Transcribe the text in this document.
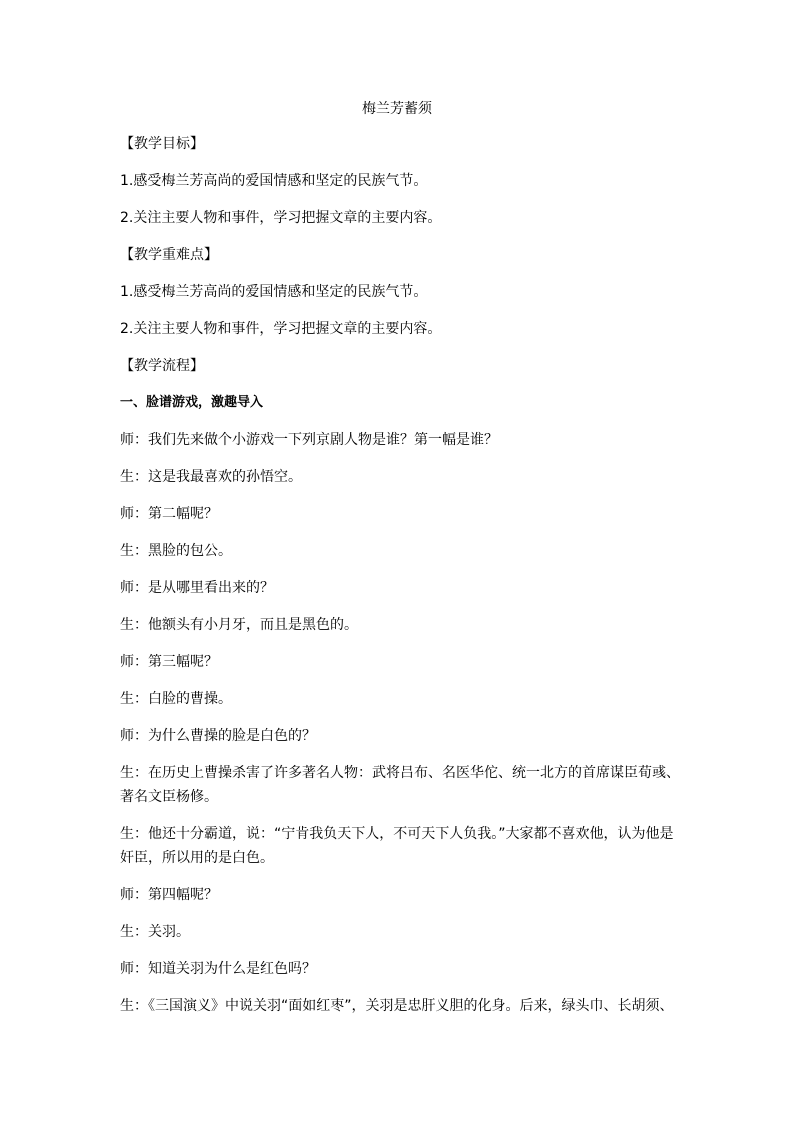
梅兰芳蓄须

【教学目标】

1.感受梅兰芳高尚的爱国情感和坚定的民族气节。

2.关注主要人物和事件，学习把握文章的主要内容。

【教学重难点】

1.感受梅兰芳高尚的爱国情感和坚定的民族气节。

2.关注主要人物和事件，学习把握文章的主要内容。

【教学流程】

一、脸谱游戏，激趣导入

师：我们先来做个小游戏一下列京剧人物是谁？第一幅是谁？

生：这是我最喜欢的孙悟空。

师：第二幅呢？

生：黑脸的包公。

师：是从哪里看出来的？

生：他额头有小月牙，而且是黑色的。

师：第三幅呢？

生：白脸的曹操。

师：为什么曹操的脸是白色的？

生：在历史上曹操杀害了许多著名人物：武将吕布、名医华佗、统一北方的首席谋臣荀彧、著名文臣杨修。

生：他还十分霸道，说：“宁肯我负天下人，不可天下人负我。”大家都不喜欢他，认为他是奸臣，所以用的是白色。

师：第四幅呢？

生：关羽。

师：知道关羽为什么是红色吗？

生：《三国演义》中说关羽“面如红枣”，关羽是忠肝义胆的化身。后来，绿头巾、长胡须、
